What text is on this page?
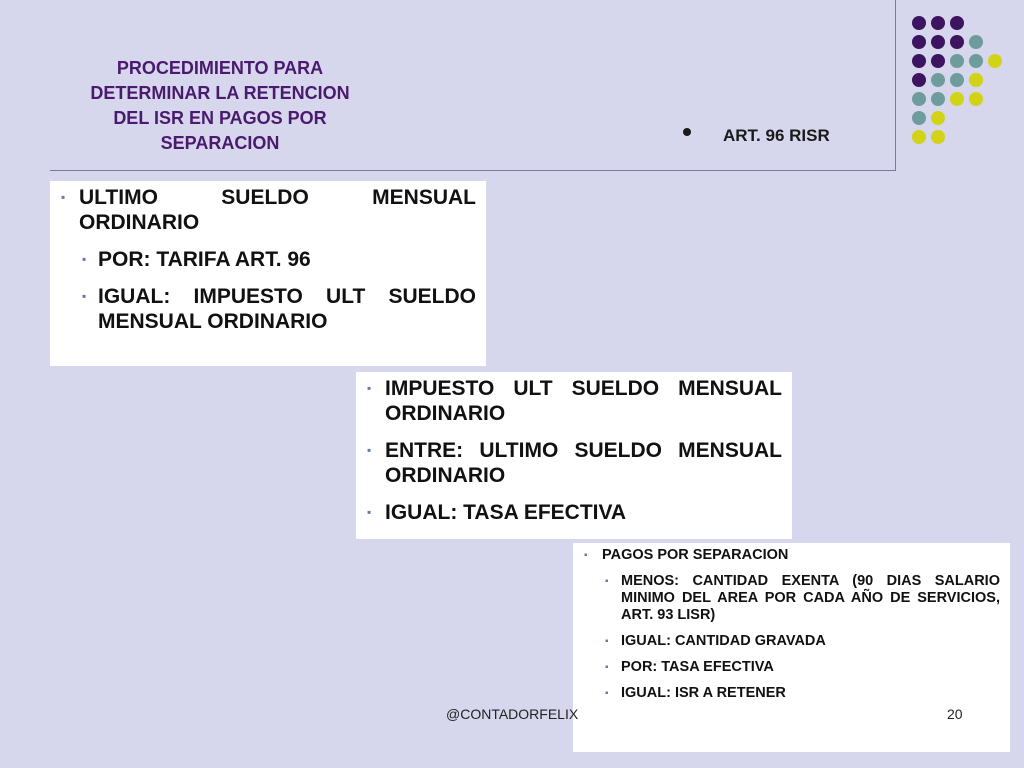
PROCEDIMIENTO PARA
DETERMINAR LA RETENCION
DEL ISR EN PAGOS POR
SEPARACION	ART. 96 RISR
▪ ULTIMO SUELDO MENSUAL ORDINARIO
▪ POR: TARIFA ART. 96
▪ IGUAL: IMPUESTO ULT SUELDO MENSUAL ORDINARIO
▪ IMPUESTO ULT SUELDO MENSUAL ORDINARIO
▪ ENTRE: ULTIMO SUELDO MENSUAL ORDINARIO
▪ IGUAL: TASA EFECTIVA
▪ PAGOS POR SEPARACION
▪ MENOS: CANTIDAD EXENTA (90 DIAS SALARIO MINIMO DEL AREA POR CADA AÑO DE SERVICIOS, ART. 93 LISR)
▪ IGUAL: CANTIDAD GRAVADA
▪ POR: TASA EFECTIVA
▪ IGUAL: ISR A RETENER
@CONTADORFELIX	20
